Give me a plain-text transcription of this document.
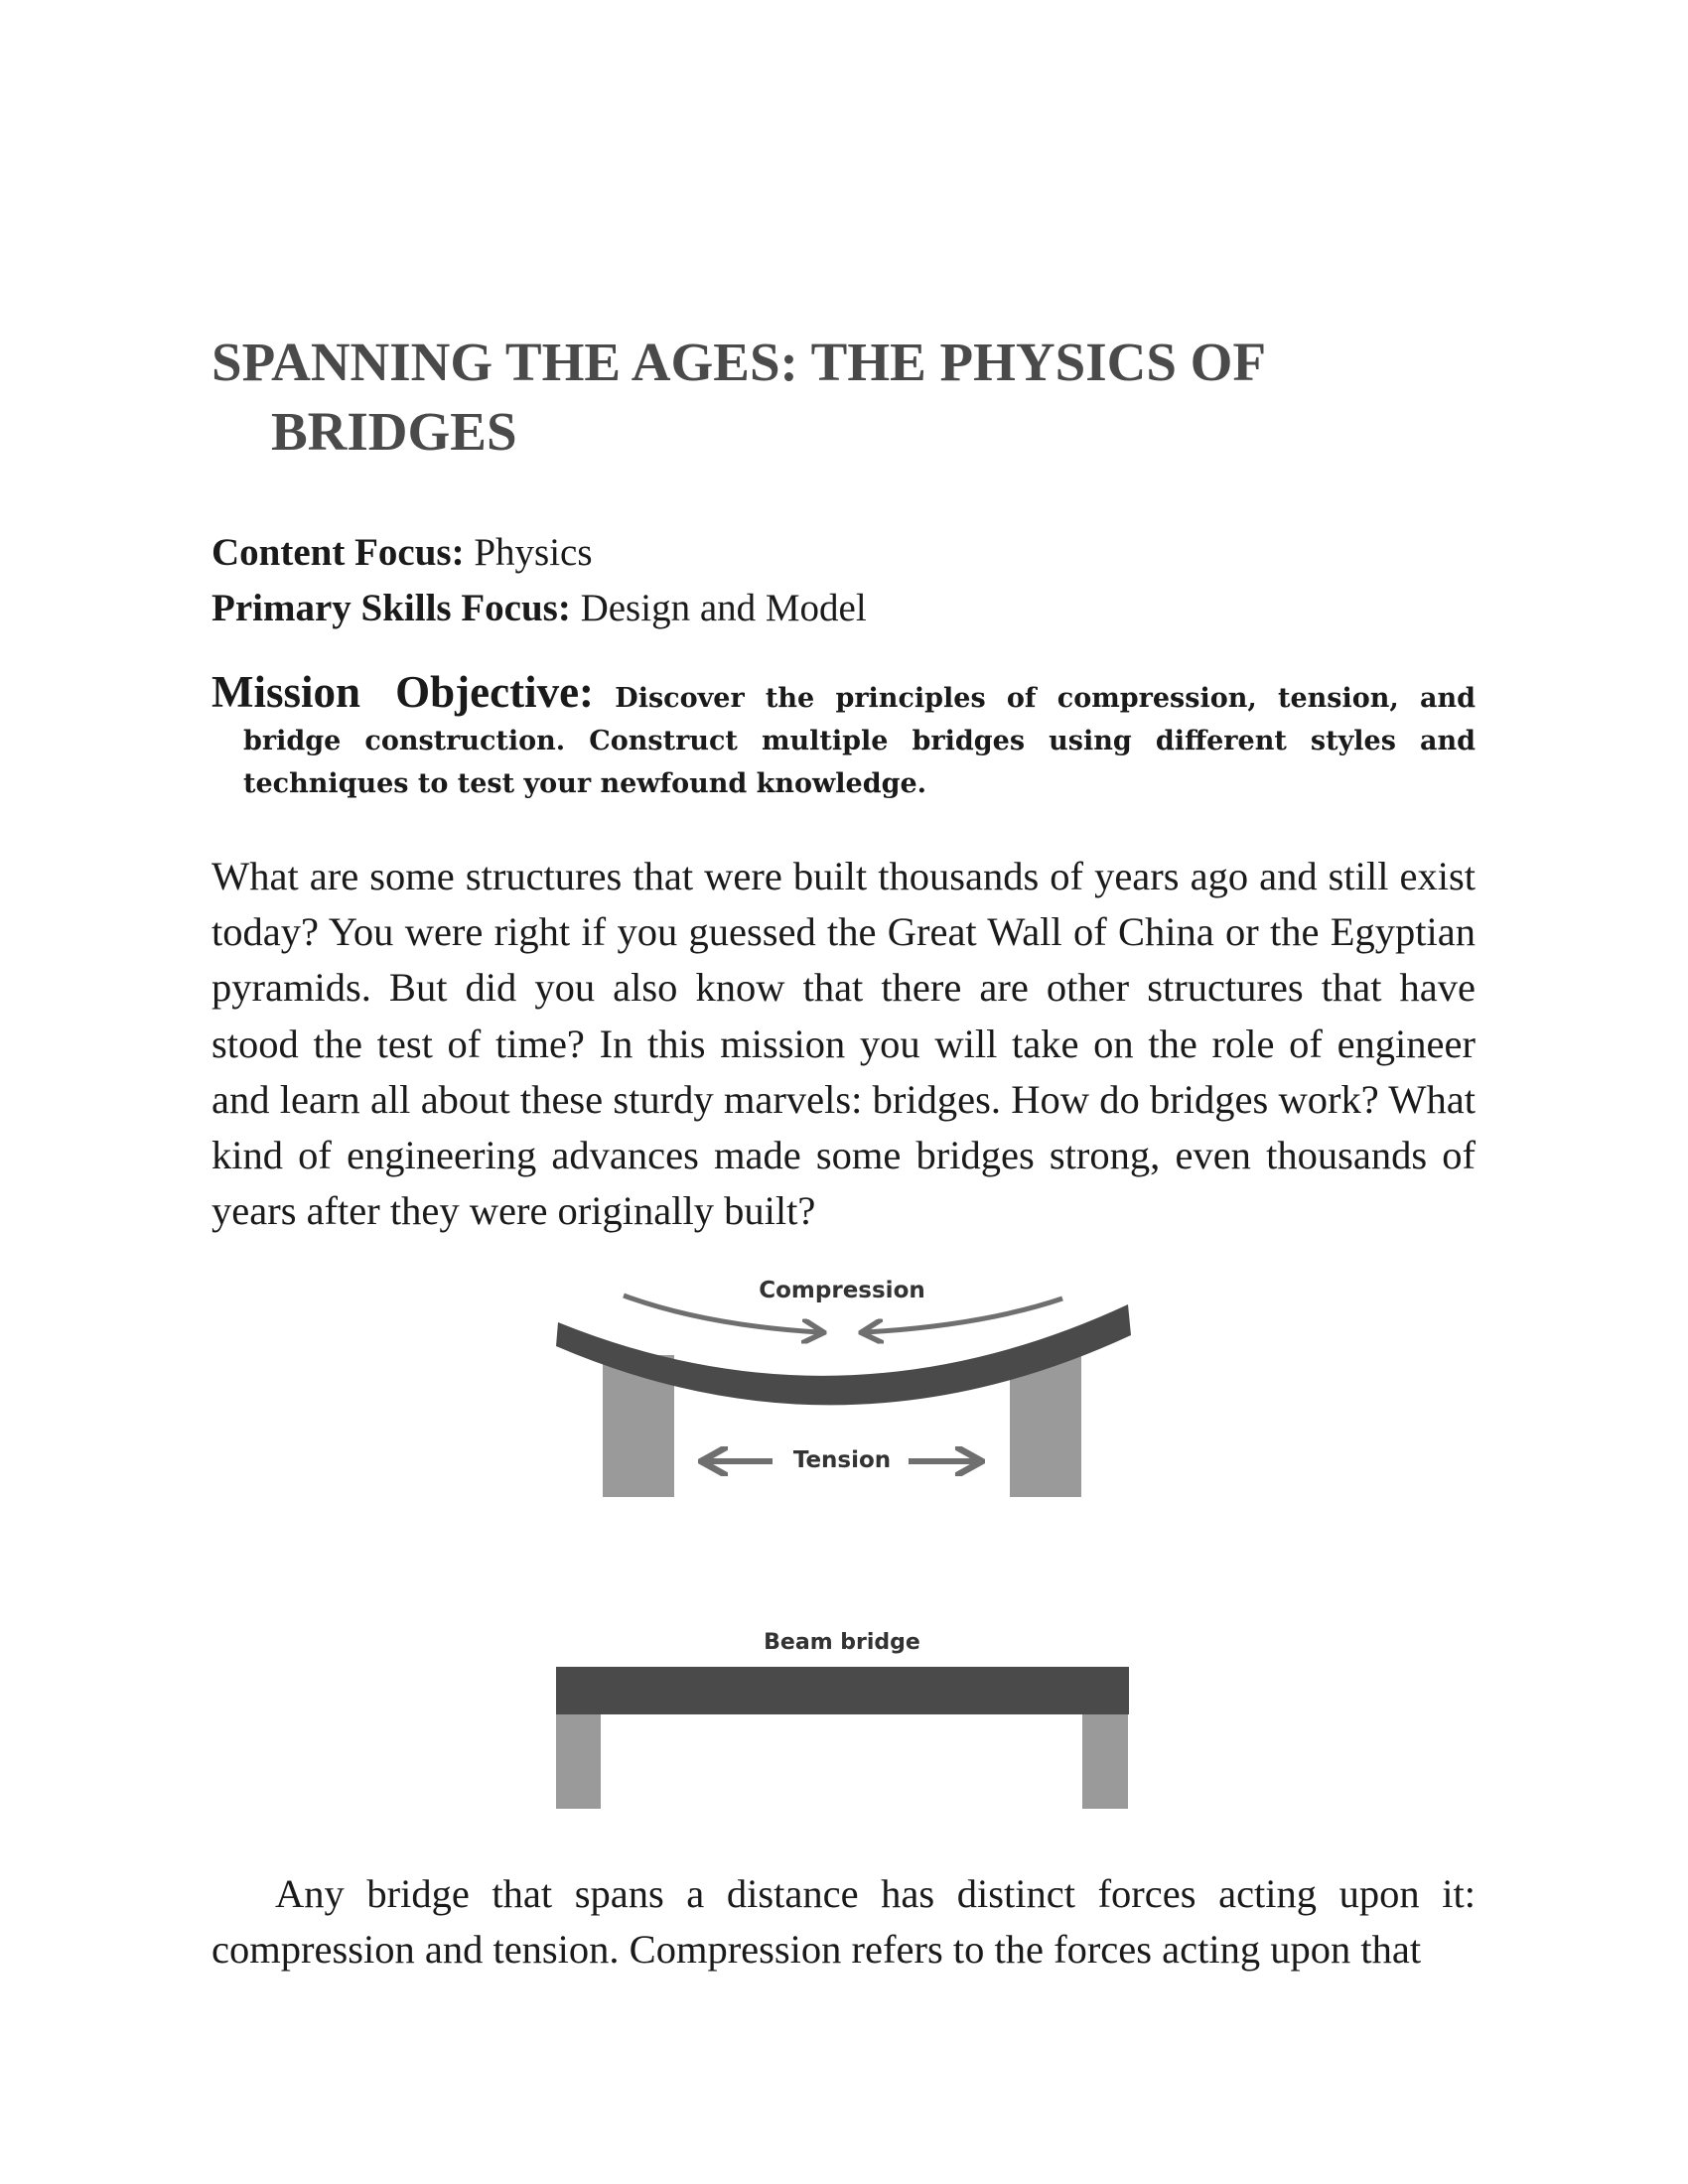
SPANNING THE AGES: THE PHYSICS OF
BRIDGES

Content Focus: Physics

Primary Skills Focus: Design and Model

Mission Objective: Discover the principles of compression, tension, and bridge construction. Construct multiple bridges using different styles and techniques to test your newfound knowledge.

What are some structures that were built thousands of years ago and still exist today? You were right if you guessed the Great Wall of China or the Egyptian pyramids. But did you also know that there are other structures that have stood the test of time? In this mission you will take on the role of engineer and learn all about these sturdy marvels: bridges. How do bridges work? What kind of engineering advances made some bridges strong, even thousands of years after they were originally built?

Any bridge that spans a distance has distinct forces acting upon it: compression and tension. Compression refers to the forces acting upon that

Compression
Tension
Beam bridge
